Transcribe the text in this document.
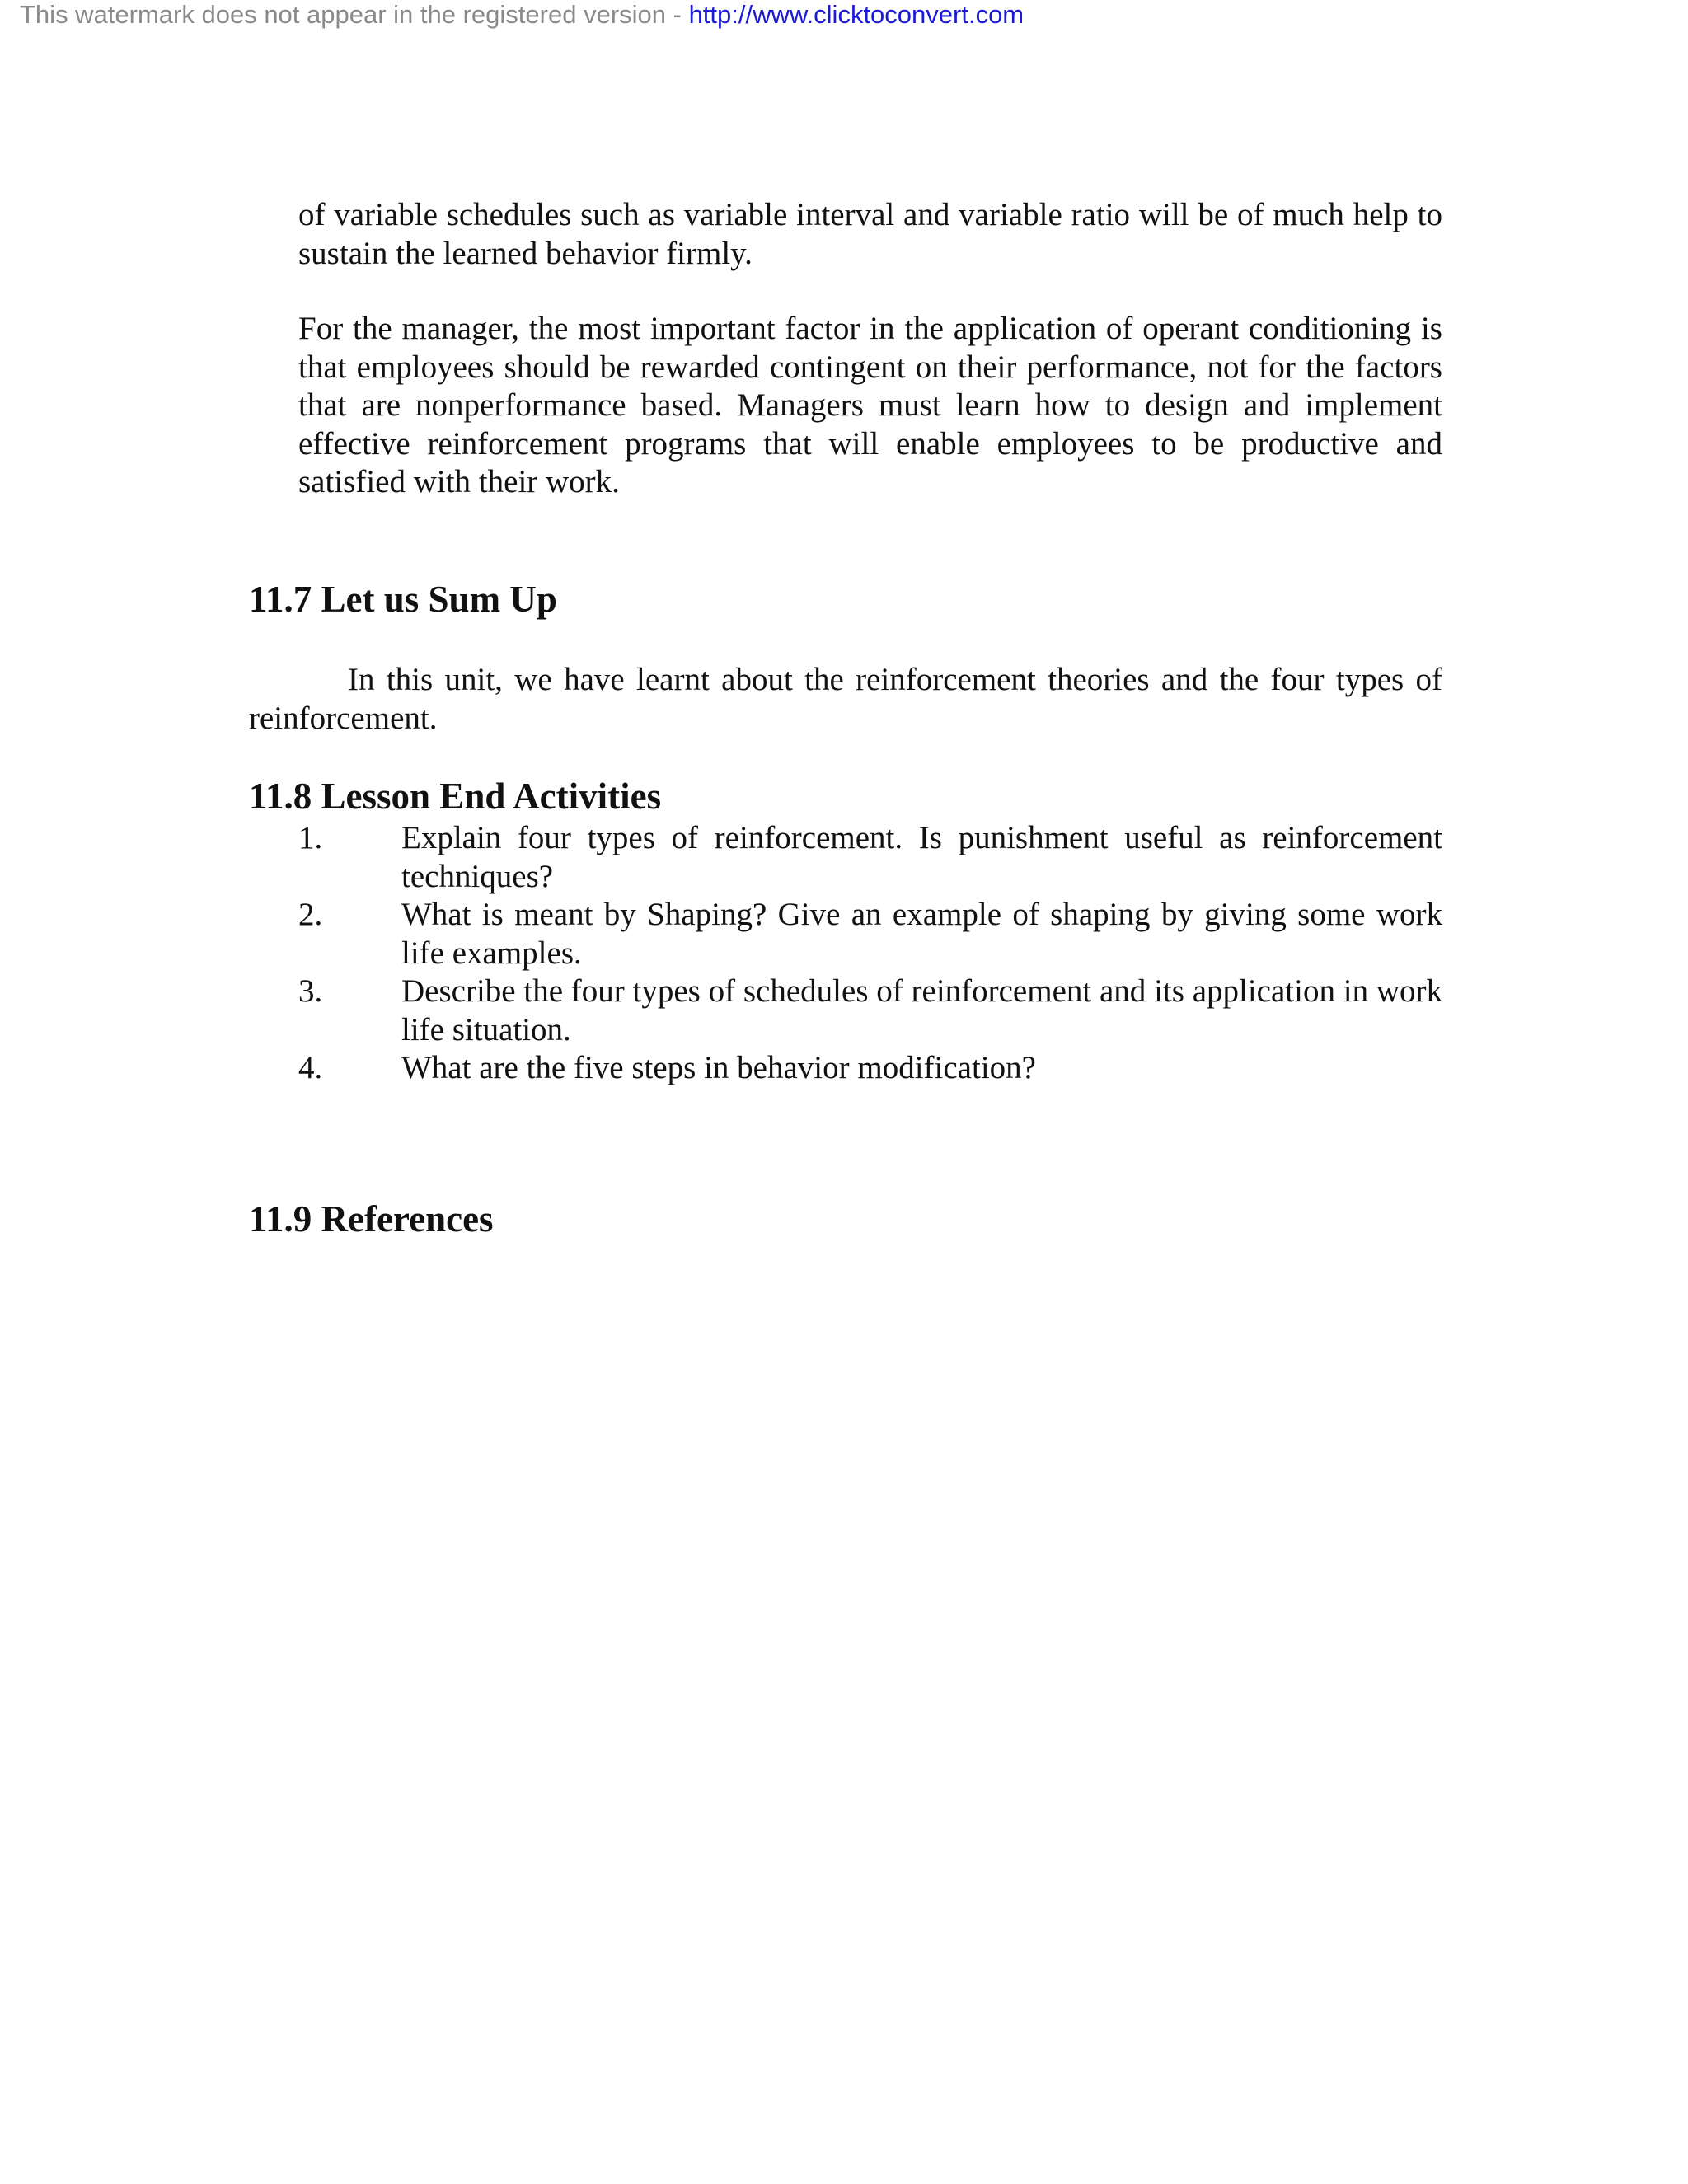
This watermark does not appear in the registered version - http://www.clicktoconvert.com

of variable schedules such as variable interval and variable ratio will be of much help to sustain the learned behavior firmly.

For the manager, the most important factor in the application of operant conditioning is that employees should be rewarded contingent on their performance, not for the factors that are nonperformance based. Managers must learn how to design and implement effective reinforcement programs that will enable employees to be productive and satisfied with their work.

11.7 Let us Sum Up

In this unit, we have learnt about the reinforcement theories and the four types of reinforcement.

11.8 Lesson End Activities
1. Explain four types of reinforcement. Is punishment useful as reinforcement techniques?
2. What is meant by Shaping? Give an example of shaping by giving some work life examples.
3. Describe the four types of schedules of reinforcement and its application in work life situation.
4. What are the five steps in behavior modification?
11.9 References
